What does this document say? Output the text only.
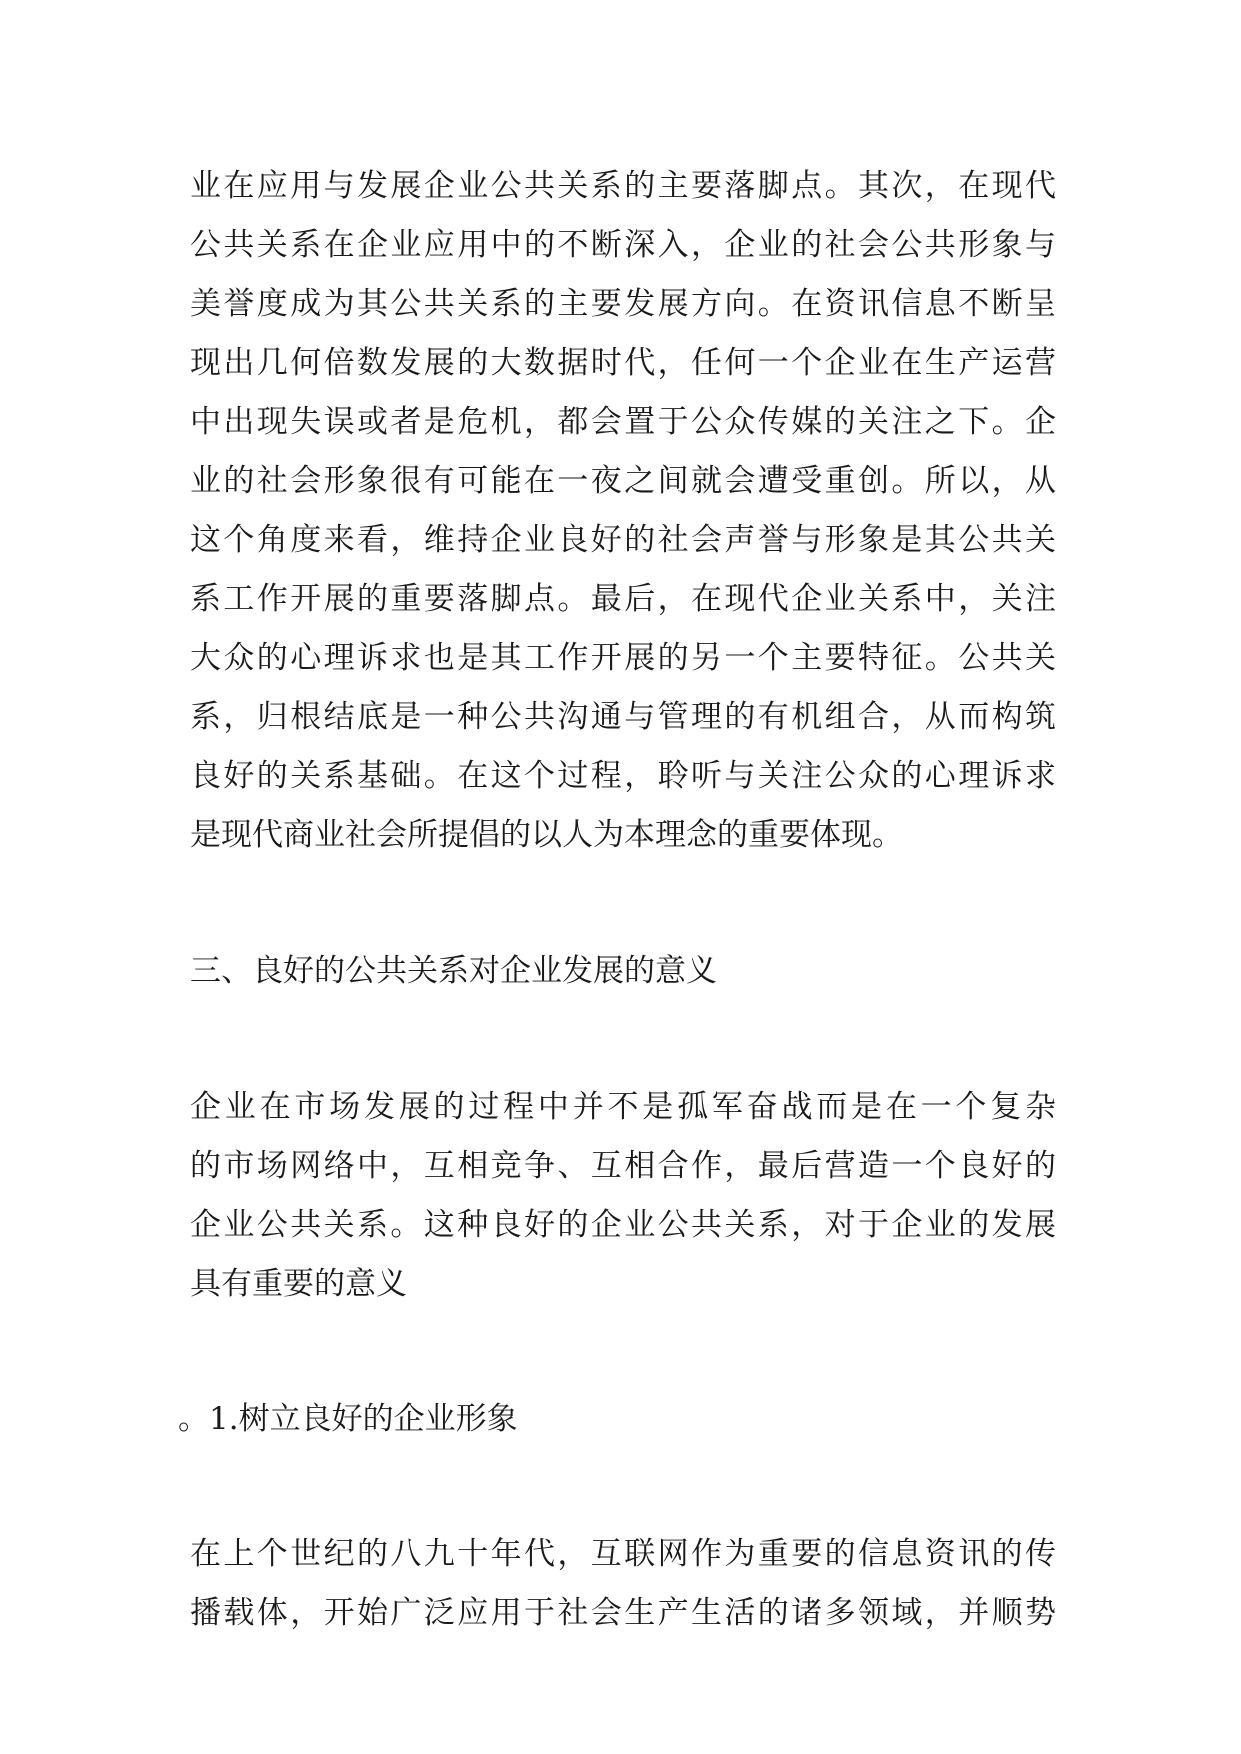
业在应用与发展企业公共关系的主要落脚点。其次，在现代
公共关系在企业应用中的不断深入，企业的社会公共形象与
美誉度成为其公共关系的主要发展方向。在资讯信息不断呈
现出几何倍数发展的大数据时代，任何一个企业在生产运营
中出现失误或者是危机，都会置于公众传媒的关注之下。企
业的社会形象很有可能在一夜之间就会遭受重创。所以，从
这个角度来看，维持企业良好的社会声誉与形象是其公共关
系工作开展的重要落脚点。最后，在现代企业关系中，关注
大众的心理诉求也是其工作开展的另一个主要特征。公共关
系，归根结底是一种公共沟通与管理的有机组合，从而构筑
良好的关系基础。在这个过程，聆听与关注公众的心理诉求
是现代商业社会所提倡的以人为本理念的重要体现。
三、良好的公共关系对企业发展的意义
企业在市场发展的过程中并不是孤军奋战而是在一个复杂
的市场网络中，互相竞争、互相合作，最后营造一个良好的
企业公共关系。这种良好的企业公共关系，对于企业的发展
具有重要的意义
。1.树立良好的企业形象
在上个世纪的八九十年代，互联网作为重要的信息资讯的传
播载体，开始广泛应用于社会生产生活的诸多领域，并顺势
